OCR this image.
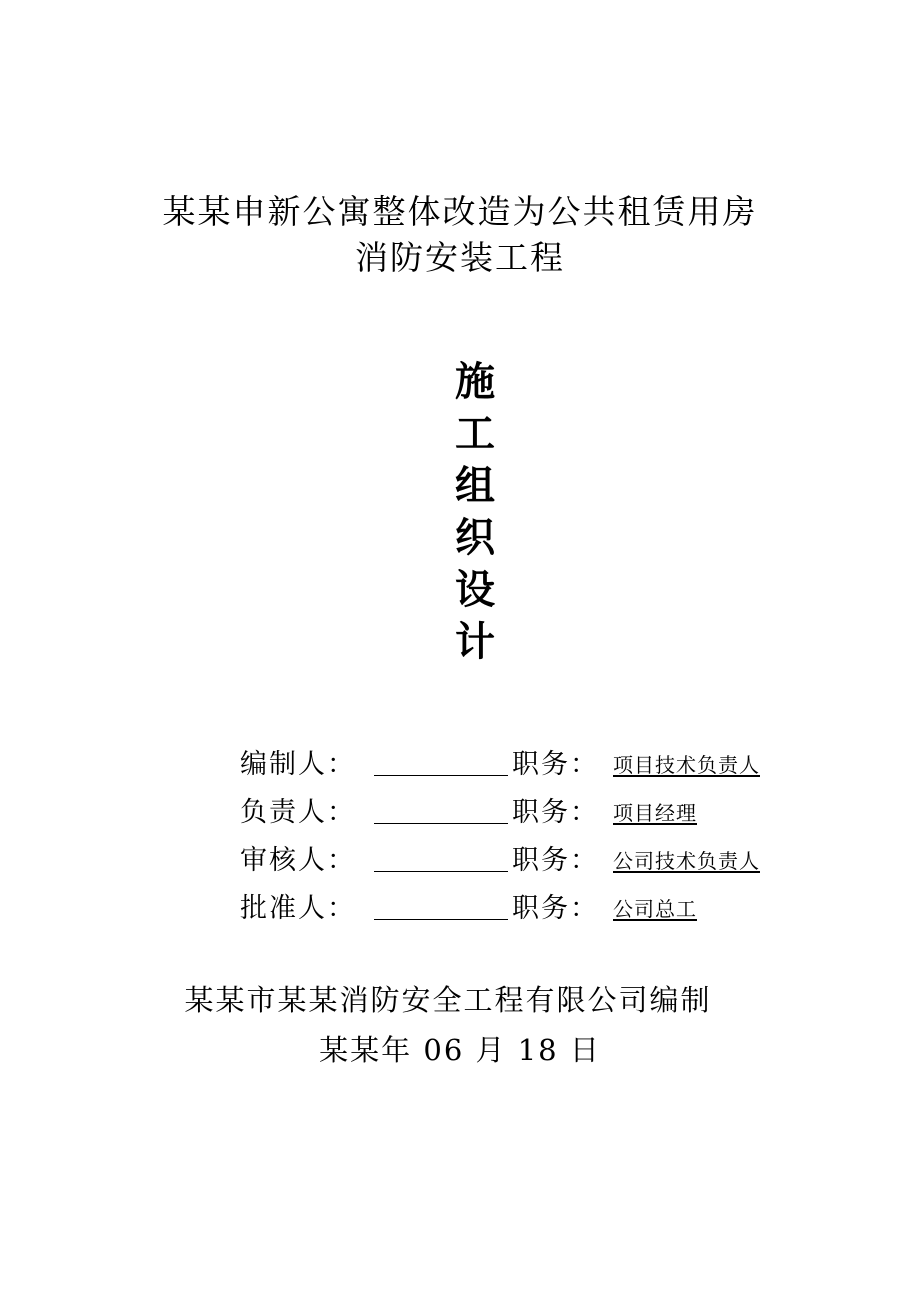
某某申新公寓整体改造为公共租赁用房
消防安装工程
施
工
组
织
设
计
编制人：	职务： 项目技术负责人
负责人：	职务： 项目经理
审核人：	职务： 公司技术负责人
批准人：	职务： 公司总工
某某市某某消防安全工程有限公司编制
某某年 06 月 18 日
